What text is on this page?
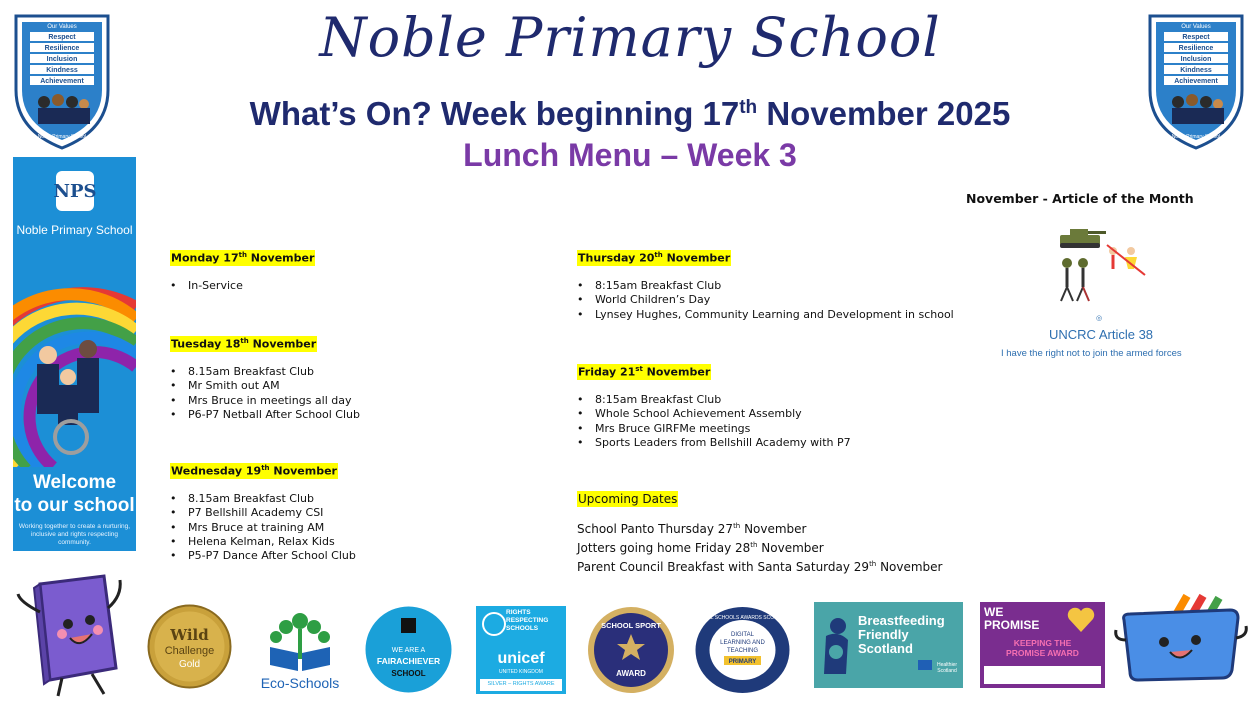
Noble Primary School
What’s On? Week beginning 17th November 2025
Lunch Menu – Week 3
Our Values
Respect
Resilience
Inclusion
Kindness
Achievement
Noble Primary School
Our Values
Respect
Resilience
Inclusion
Kindness
Achievement
Noble Primary School
NPS
Noble Primary School
Welcome
to our school
Working together to create a nurturing, inclusive and rights respecting community.
Monday 17th November
• In-Service
Tuesday 18th November
• 8.15am Breakfast Club
• Mr Smith out AM
• Mrs Bruce in meetings all day
• P6-P7 Netball After School Club
Wednesday 19th November
• 8.15am Breakfast Club
• P7 Bellshill Academy CSI
• Mrs Bruce at training AM
• Helena Kelman, Relax Kids
• P5-P7 Dance After School Club
Thursday 20th November
• 8:15am Breakfast Club
• World Children’s Day
• Lynsey Hughes, Community Learning and Development in school
Friday 21st November
• 8:15am Breakfast Club
• Whole School Achievement Assembly
• Mrs Bruce GIRFMe meetings
• Sports Leaders from Bellshill Academy with P7
Upcoming Dates
School Panto Thursday 27th November
Jotters going home Friday 28th November
Parent Council Breakfast with Santa Saturday 29th November
November - Article of the Month
◎
UNCRC Article 38
I have the right not to join the armed forces
Wild
Challenge
Gold
Eco-Schools
WE ARE A
FAIRACHIEVER
SCHOOL
RIGHTS
RESPECTING
SCHOOLS
unicef
UNITED KINGDOM
SILVER – RIGHTS AWARE
SCHOOL SPORT
AWARD
DIGITAL SCHOOLS AWARDS SCOTLAND
DIGITAL
LEARNING AND
TEACHING
PRIMARY
Breastfeeding
Friendly
Scotland
Healthier Scotland
WE
PROMISE
KEEPING THE
PROMISE AWARD
